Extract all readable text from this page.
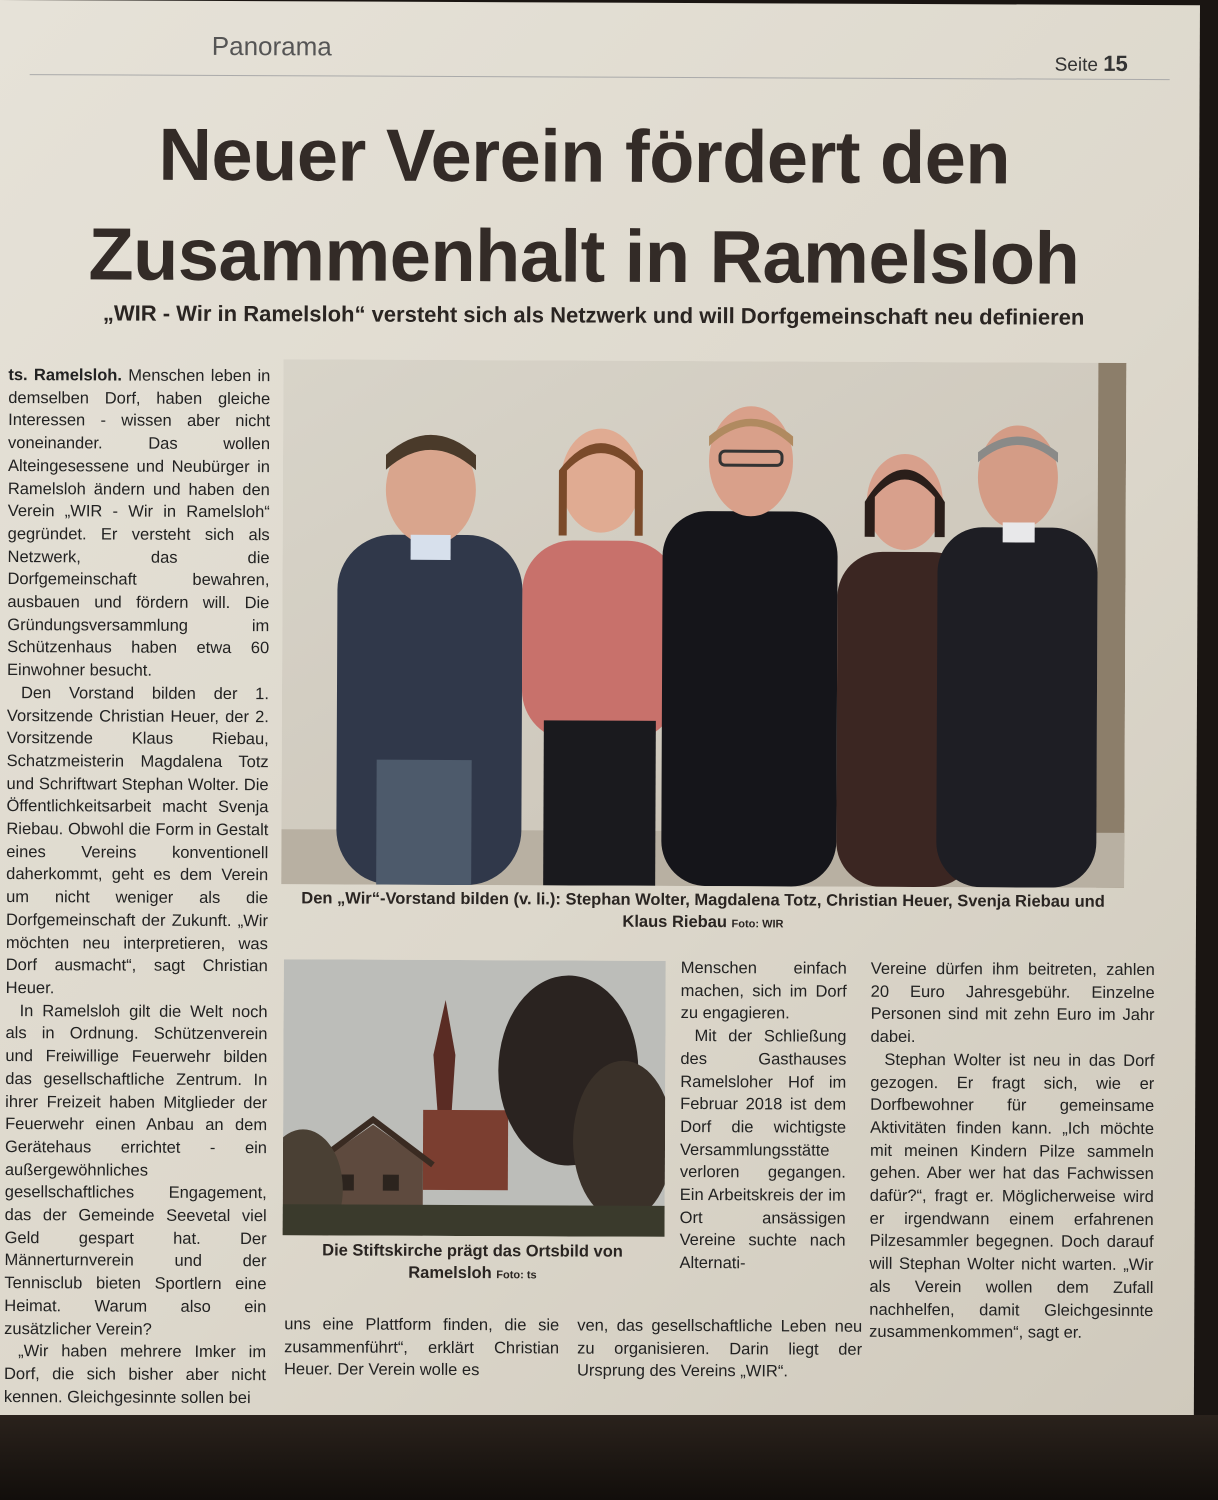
Panorama
Seite 15
Neuer Verein fördert den
Zusammenhalt in Ramelsloh
„WIR - Wir in Ramelsloh“ versteht sich als Netzwerk und will Dorfgemeinschaft neu definieren

ts. Ramelsloh. Menschen leben in demselben Dorf, haben gleiche Interessen - wissen aber nicht voneinander. Das wollen Alteingesessene und Neubürger in Ramelsloh ändern und haben den Verein „WIR - Wir in Ramelsloh“ gegründet. Er versteht sich als Netzwerk, das die Dorfgemeinschaft bewahren, ausbauen und fördern will. Die Gründungsversammlung im Schützenhaus haben etwa 60 Einwohner besucht.

Den Vorstand bilden der 1. Vorsitzende Christian Heuer, der 2. Vorsitzende Klaus Riebau, Schatzmeisterin Magdalena Totz und Schriftwart Stephan Wolter. Die Öffentlichkeitsarbeit macht Svenja Riebau. Obwohl die Form in Gestalt eines Vereins konventionell daherkommt, geht es dem Verein um nicht weniger als die Dorfgemeinschaft der Zukunft. „Wir möchten neu interpretieren, was Dorf ausmacht“, sagt Christian Heuer.

In Ramelsloh gilt die Welt noch als in Ordnung. Schützenverein und Freiwillige Feuerwehr bilden das gesellschaftliche Zentrum. In ihrer Freizeit haben Mitglieder der Feuerwehr einen Anbau an dem Gerätehaus errichtet - ein außergewöhnliches gesellschaftliches Engagement, das der Gemeinde Seevetal viel Geld gespart hat. Der Männerturnverein und der Tennisclub bieten Sportlern eine Heimat. Warum also ein zusätzlicher Verein?

„Wir haben mehrere Imker im Dorf, die sich bisher aber nicht kennen. Gleichgesinnte sollen bei

Den „Wir“-Vorstand bilden (v. li.): Stephan Wolter, Magdalena Totz, Christian Heuer, Svenja Riebau und Klaus Riebau Foto: WIR
Die Stiftskirche prägt das Ortsbild von Ramelsloh Foto: ts

Menschen einfach machen, sich im Dorf zu engagieren.

Mit der Schließung des Gasthauses Ramelsloher Hof im Februar 2018 ist dem Dorf die wichtigste Versammlungsstätte verloren gegangen. Ein Arbeitskreis der im Ort ansässigen Vereine suchte nach Alternati-

Vereine dürfen ihm beitreten, zahlen 20 Euro Jahresgebühr. Einzelne Personen sind mit zehn Euro im Jahr dabei.

Stephan Wolter ist neu in das Dorf gezogen. Er fragt sich, wie er Dorfbewohner für gemeinsame Aktivitäten finden kann. „Ich möchte mit meinen Kindern Pilze sammeln gehen. Aber wer hat das Fachwissen dafür?“, fragt er. Möglicherweise wird er irgendwann einem erfahrenen Pilzesammler begegnen. Doch darauf will Stephan Wolter nicht warten. „Wir als Verein wollen dem Zufall nachhelfen, damit Gleichgesinnte zusammenkommen“, sagt er.

uns eine Plattform finden, die sie zusammenführt“, erklärt Christian Heuer. Der Verein wolle es

ven, das gesellschaftliche Leben neu zu organisieren. Darin liegt der Ursprung des Vereins „WIR“.
